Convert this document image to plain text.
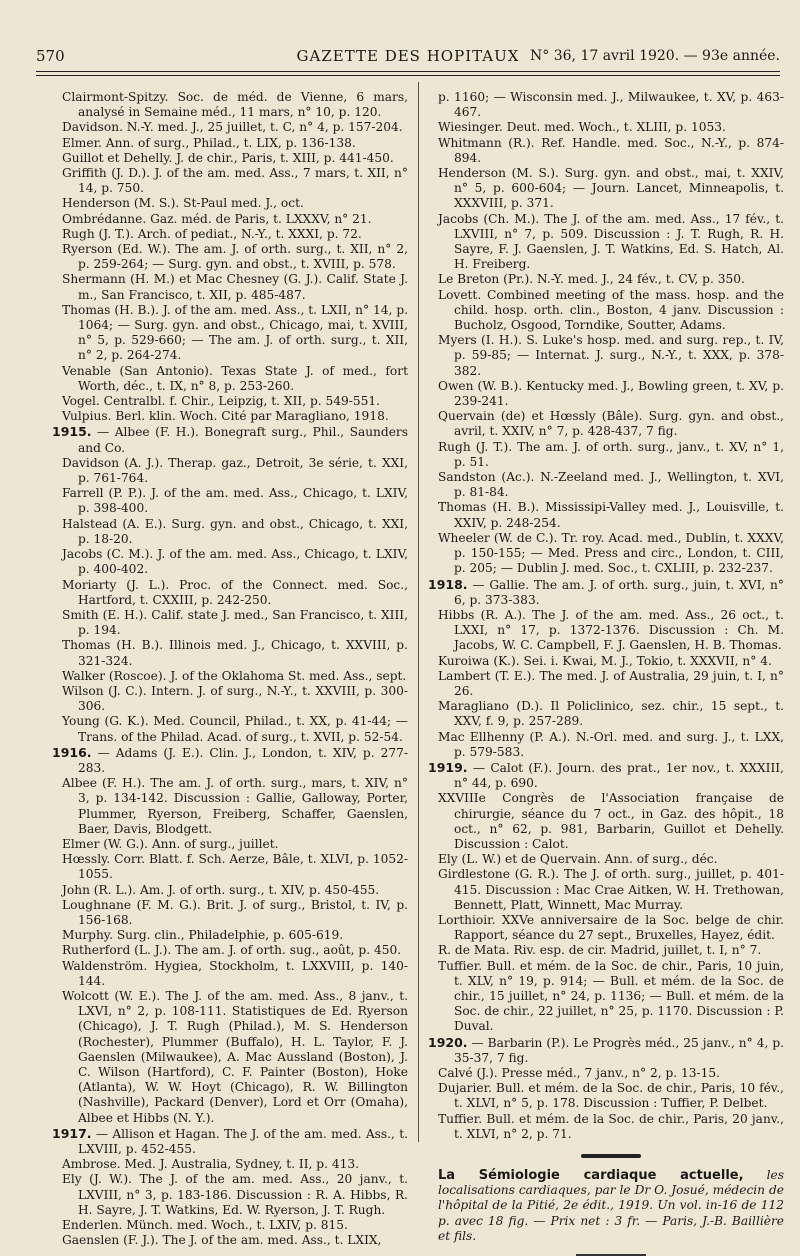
570	GAZETTE DES HOPITAUX N° 36, 17 avril 1920. — 93e année.
Clairmont-Spitzy. Soc. de méd. de Vienne, 6 mars, analysé in Semaine méd., 11 mars, n° 10, p. 120.
Davidson. N.-Y. med. J., 25 juillet, t. C, n° 4, p. 157-204.
Elmer. Ann. of surg., Philad., t. LIX, p. 136-138.
Guillot et Dehelly. J. de chir., Paris, t. XIII, p. 441-450.
Griffith (J. D.). J. of the am. med. Ass., 7 mars, t. XII, n° 14, p. 750.
Henderson (M. S.). St-Paul med. J., oct.
Ombrédanne. Gaz. méd. de Paris, t. LXXXV, n° 21.
Rugh (J. T.). Arch. of pediat., N.-Y., t. XXXI, p. 72.
Ryerson (Ed. W.). The am. J. of orth. surg., t. XII, n° 2, p. 259-264; — Surg. gyn. and obst., t. XVIII, p. 578.
Shermann (H. M.) et Mac Chesney (G. J.). Calif. State J. m., San Francisco, t. XII, p. 485-487.
Thomas (H. B.). J. of the am. med. Ass., t. LXII, n° 14, p. 1064; — Surg. gyn. and obst., Chicago, mai, t. XVIII, n° 5, p. 529-660; — The am. J. of orth. surg., t. XII, n° 2, p. 264-274.
Venable (San Antonio). Texas State J. of med., fort Worth, déc., t. IX, n° 8, p. 253-260.
Vogel. Centralbl. f. Chir., Leipzig, t. XII, p. 549-551.
Vulpius. Berl. klin. Woch. Cité par Maragliano, 1918.
1915. — Albee (F. H.). Bonegraft surg., Phil., Saunders and Co.
Davidson (A. J.). Therap. gaz., Detroit, 3e série, t. XXI, p. 761-764.
Farrell (P. P.). J. of the am. med. Ass., Chicago, t. LXIV, p. 398-400.
Halstead (A. E.). Surg. gyn. and obst., Chicago, t. XXI, p. 18-20.
Jacobs (C. M.). J. of the am. med. Ass., Chicago, t. LXIV, p. 400-402.
Moriarty (J. L.). Proc. of the Connect. med. Soc., Hartford, t. CXXIII, p. 242-250.
Smith (E. H.). Calif. state J. med., San Francisco, t. XIII, p. 194.
Thomas (H. B.). Illinois med. J., Chicago, t. XXVIII, p. 321-324.
Walker (Roscoe). J. of the Oklahoma St. med. Ass., sept.
Wilson (J. C.). Intern. J. of surg., N.-Y., t. XXVIII, p. 300-306.
Young (G. K.). Med. Council, Philad., t. XX, p. 41-44; — Trans. of the Philad. Acad. of surg., t. XVII, p. 52-54.
1916. — Adams (J. E.). Clin. J., London, t. XIV, p. 277-283.
Albee (F. H.). The am. J. of orth. surg., mars, t. XIV, n° 3, p. 134-142. Discussion : Gallie, Galloway, Porter, Plummer, Ryerson, Freiberg, Schaffer, Gaenslen, Baer, Davis, Blodgett.
Elmer (W. G.). Ann. of surg., juillet.
Hœssly. Corr. Blatt. f. Sch. Aerze, Bâle, t. XLVI, p. 1052-1055.
John (R. L.). Am. J. of orth. surg., t. XIV, p. 450-455.
Loughnane (F. M. G.). Brit. J. of surg., Bristol, t. IV, p. 156-168.
Murphy. Surg. clin., Philadelphie, p. 605-619.
Rutherford (L. J.). The am. J. of orth. sug., août, p. 450.
Waldenström. Hygiea, Stockholm, t. LXXVIII, p. 140-144.
Wolcott (W. E.). The J. of the am. med. Ass., 8 janv., t. LXVI, n° 2, p. 108-111. Statistiques de Ed. Ryerson (Chicago), J. T. Rugh (Philad.), M. S. Henderson (Rochester), Plummer (Buffalo), H. L. Taylor, F. J. Gaenslen (Milwaukee), A. Mac Aussland (Boston), J. C. Wilson (Hartford), C. F. Painter (Boston), Hoke (Atlanta), W. W. Hoyt (Chicago), R. W. Billington (Nashville), Packard (Denver), Lord et Orr (Omaha), Albee et Hibbs (N. Y.).
1917. — Allison et Hagan. The J. of the am. med. Ass., t. LXVIII, p. 452-455.
Ambrose. Med. J. Australia, Sydney, t. II, p. 413.
Ely (J. W.). The J. of the am. med. Ass., 20 janv., t. LXVIII, n° 3, p. 183-186. Discussion : R. A. Hibbs, R. H. Sayre, J. T. Watkins, Ed. W. Ryerson, J. T. Rugh.
Enderlen. Münch. med. Woch., t. LXIV, p. 815.
Gaenslen (F. J.). The J. of the am. med. Ass., t. LXIX,
p. 1160; — Wisconsin med. J., Milwaukee, t. XV, p. 463-467.
Wiesinger. Deut. med. Woch., t. XLIII, p. 1053.
Whitmann (R.). Ref. Handle. med. Soc., N.-Y., p. 874-894.
Henderson (M. S.). Surg. gyn. and obst., mai, t. XXIV, n° 5, p. 600-604; — Journ. Lancet, Minneapolis, t. XXXVIII, p. 371.
Jacobs (Ch. M.). The J. of the am. med. Ass., 17 fév., t. LXVIII, n° 7, p. 509. Discussion : J. T. Rugh, R. H. Sayre, F. J. Gaenslen, J. T. Watkins, Ed. S. Hatch, Al. H. Freiberg.
Le Breton (Pr.). N.-Y. med. J., 24 fév., t. CV, p. 350.
Lovett. Combined meeting of the mass. hosp. and the child. hosp. orth. clin., Boston, 4 janv. Discussion : Bucholz, Osgood, Torndike, Soutter, Adams.
Myers (I. H.). S. Luke's hosp. med. and surg. rep., t. IV, p. 59-85; — Internat. J. surg., N.-Y., t. XXX, p. 378-382.
Owen (W. B.). Kentucky med. J., Bowling green, t. XV, p. 239-241.
Quervain (de) et Hœssly (Bâle). Surg. gyn. and obst., avril, t. XXIV, n° 7, p. 428-437, 7 fig.
Rugh (J. T.). The am. J. of orth. surg., janv., t. XV, n° 1, p. 51.
Sandston (Ac.). N.-Zeeland med. J., Wellington, t. XVI, p. 81-84.
Thomas (H. B.). Mississipi-Valley med. J., Louisville, t. XXIV, p. 248-254.
Wheeler (W. de C.). Tr. roy. Acad. med., Dublin, t. XXXV, p. 150-155; — Med. Press and circ., London, t. CIII, p. 205; — Dublin J. med. Soc., t. CXLIII, p. 232-237.
1918. — Gallie. The am. J. of orth. surg., juin, t. XVI, n° 6, p. 373-383.
Hibbs (R. A.). The J. of the am. med. Ass., 26 oct., t. LXXI, n° 17, p. 1372-1376. Discussion : Ch. M. Jacobs, W. C. Campbell, F. J. Gaenslen, H. B. Thomas.
Kuroiwa (K.). Sei. i. Kwai, M. J., Tokio, t. XXXVII, n° 4.
Lambert (T. E.). The med. J. of Australia, 29 juin, t. I, n° 26.
Maragliano (D.). Il Policlinico, sez. chir., 15 sept., t. XXV, f. 9, p. 257-289.
Mac Ellhenny (P. A.). N.-Orl. med. and surg. J., t. LXX, p. 579-583.
1919. — Calot (F.). Journ. des prat., 1er nov., t. XXXIII, n° 44, p. 690.
XXVIIIe Congrès de l'Association française de chirurgie, séance du 7 oct., in Gaz. des hôpit., 18 oct., n° 62, p. 981, Barbarin, Guillot et Dehelly. Discussion : Calot.
Ely (L. W.) et de Quervain. Ann. of surg., déc.
Girdlestone (G. R.). The J. of orth. surg., juillet, p. 401-415. Discussion : Mac Crae Aitken, W. H. Trethowan, Bennett, Platt, Winnett, Mac Murray.
Lorthioir. XXVe anniversaire de la Soc. belge de chir. Rapport, séance du 27 sept., Bruxelles, Hayez, édit.
R. de Mata. Riv. esp. de cir. Madrid, juillet, t. I, n° 7.
Tuffier. Bull. et mém. de la Soc. de chir., Paris, 10 juin, t. XLV, n° 19, p. 914; — Bull. et mém. de la Soc. de chir., 15 juillet, n° 24, p. 1136; — Bull. et mém. de la Soc. de chir., 22 juillet, n° 25, p. 1170. Discussion : P. Duval.
1920. — Barbarin (P.). Le Progrès méd., 25 janv., n° 4, p. 35-37, 7 fig.
Calvé (J.). Presse méd., 7 janv., n° 2, p. 13-15.
Dujarier. Bull. et mém. de la Soc. de chir., Paris, 10 fév., t. XLVI, n° 5, p. 178. Discussion : Tuffier, P. Delbet.
Tuffier. Bull. et mém. de la Soc. de chir., Paris, 20 janv., t. XLVI, n° 2, p. 71.
La Sémiologie cardiaque actuelle, les localisations cardiaques, par le Dr O. Josué, médecin de l'hôpital de la Pitié, 2e édit., 1919. Un vol. in-16 de 112 p. avec 18 fig. — Prix net : 3 fr. — Paris, J.-B. Baillière et fils.
